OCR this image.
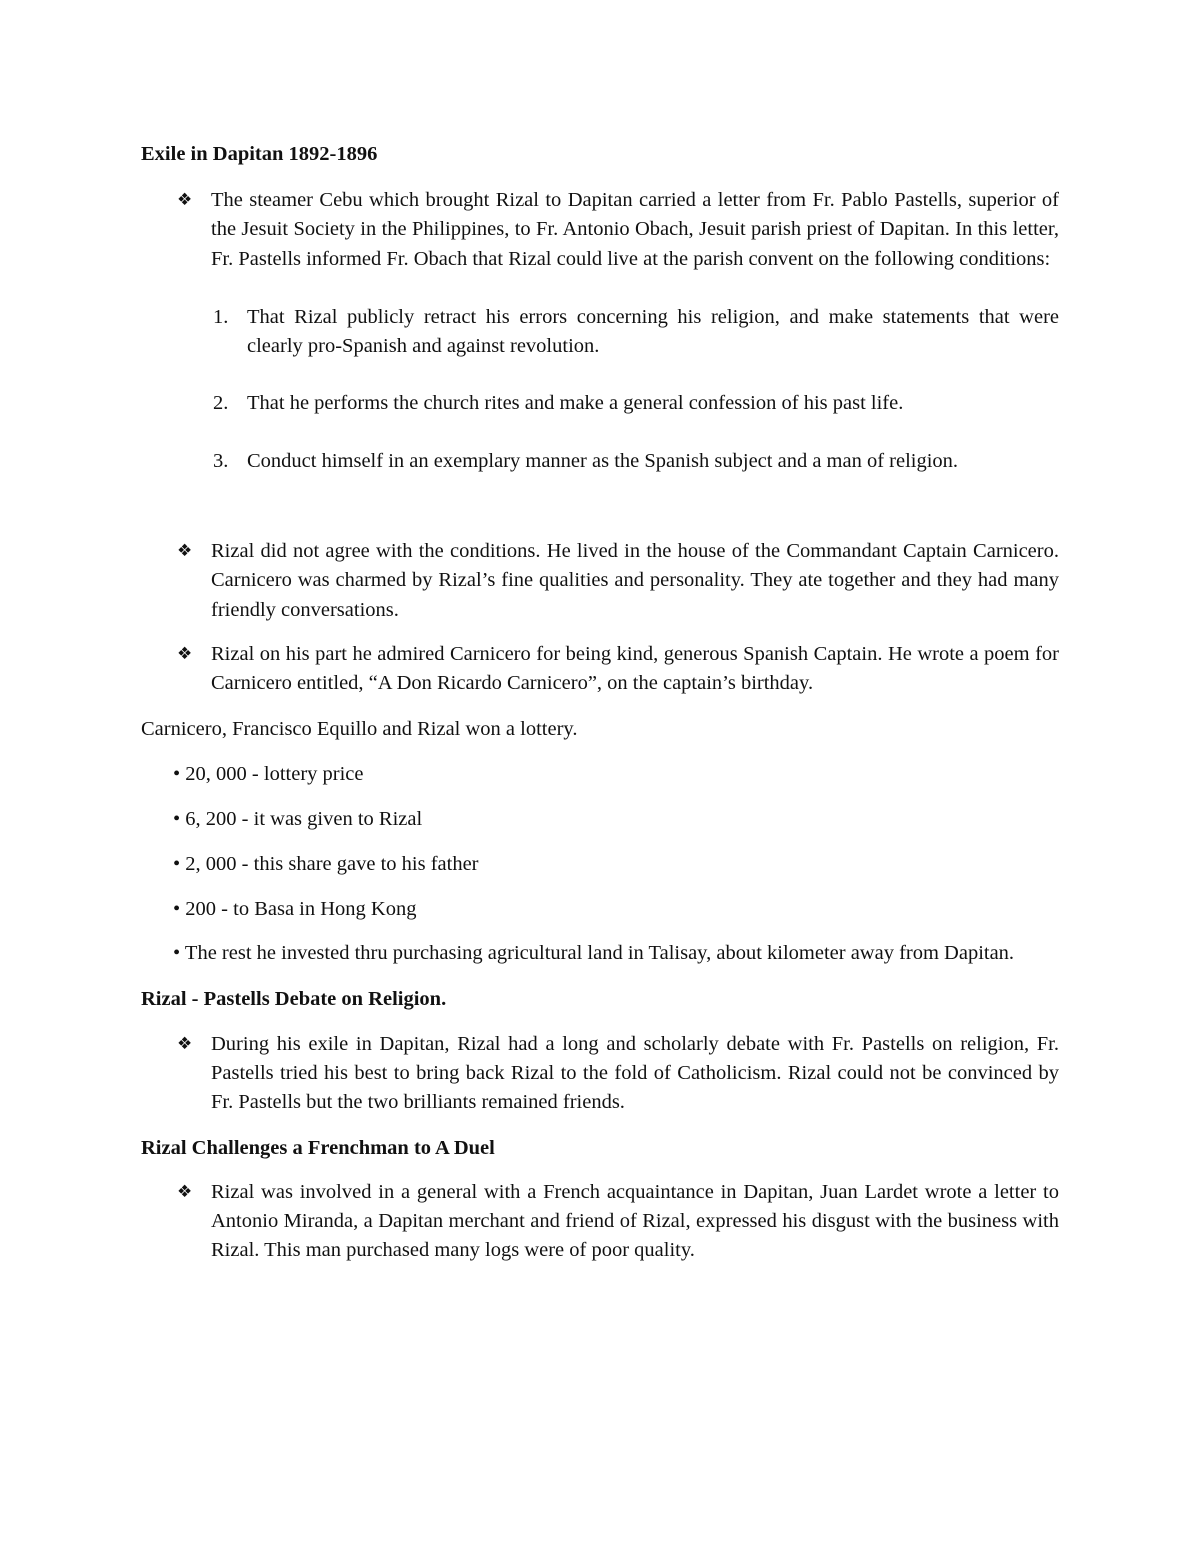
Exile in Dapitan 1892-1896

❖ The steamer Cebu which brought Rizal to Dapitan carried a letter from Fr. Pablo Pastells, superior of the Jesuit Society in the Philippines, to Fr. Antonio Obach, Jesuit parish priest of Dapitan. In this letter, Fr. Pastells informed Fr. Obach that Rizal could live at the parish convent on the following conditions:
1. That Rizal publicly retract his errors concerning his religion, and make statements that were clearly pro-Spanish and against revolution.
2. That he performs the church rites and make a general confession of his past life.
3. Conduct himself in an exemplary manner as the Spanish subject and a man of religion.
❖ Rizal did not agree with the conditions. He lived in the house of the Commandant Captain Carnicero. Carnicero was charmed by Rizal’s fine qualities and personality. They ate together and they had many friendly conversations.
❖ Rizal on his part he admired Carnicero for being kind, generous Spanish Captain. He wrote a poem for Carnicero entitled, “A Don Ricardo Carnicero”, on the captain’s birthday.
Carnicero, Francisco Equillo and Rizal won a lottery.
• 20, 000 - lottery price
• 6, 200 - it was given to Rizal
• 2, 000 - this share gave to his father
• 200 - to Basa in Hong Kong
• The rest he invested thru purchasing agricultural land in Talisay, about kilometer away from Dapitan.

Rizal - Pastells Debate on Religion.

❖ During his exile in Dapitan, Rizal had a long and scholarly debate with Fr. Pastells on religion, Fr. Pastells tried his best to bring back Rizal to the fold of Catholicism. Rizal could not be convinced by Fr. Pastells but the two brilliants remained friends.

Rizal Challenges a Frenchman to A Duel

❖ Rizal was involved in a general with a French acquaintance in Dapitan, Juan Lardet wrote a letter to Antonio Miranda, a Dapitan merchant and friend of Rizal, expressed his disgust with the business with Rizal. This man purchased many logs were of poor quality.
